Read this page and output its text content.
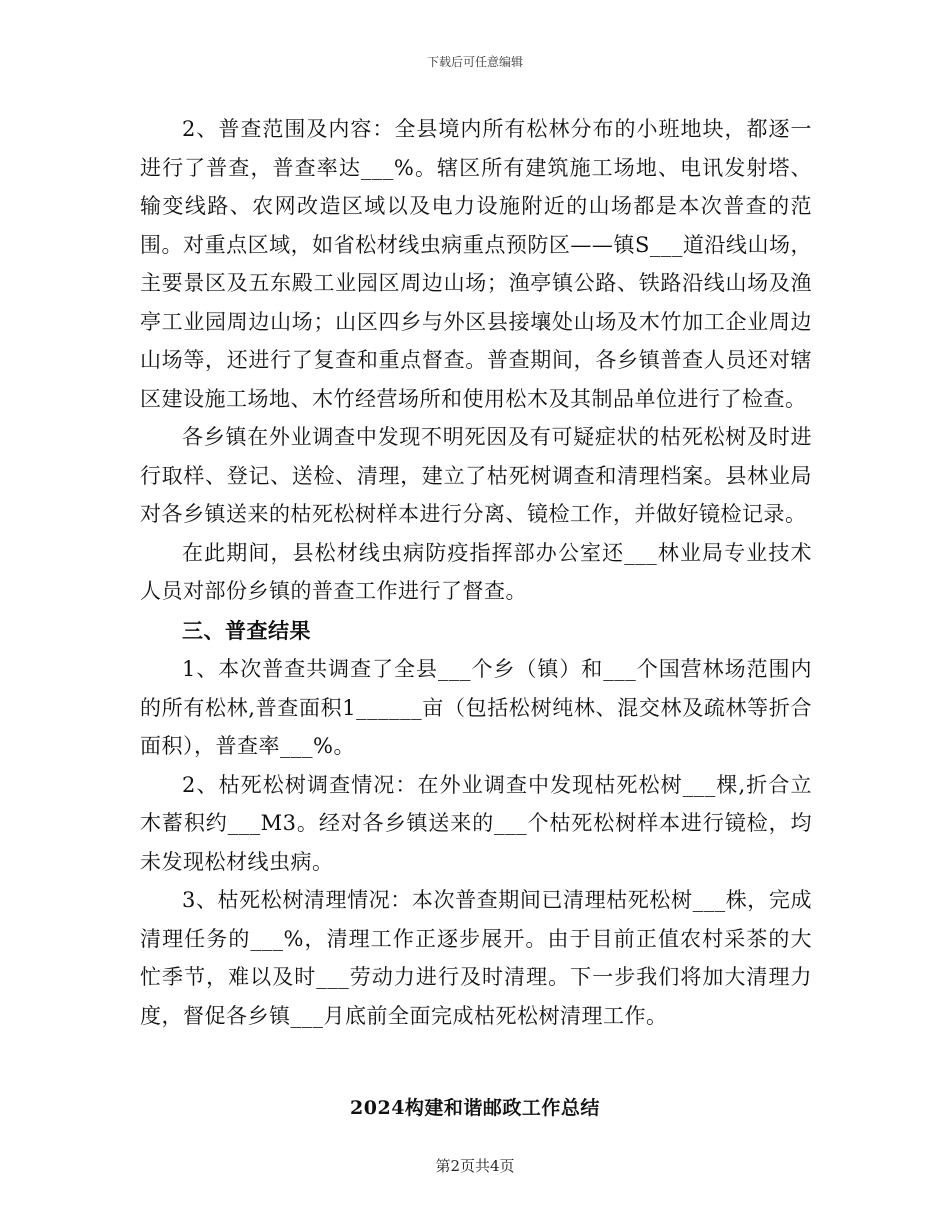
下载后可任意编辑

2、普查范围及内容：全县境内所有松林分布的小班地块，都逐一进行了普查，普查率达___%。辖区所有建筑施工场地、电讯发射塔、输变线路、农网改造区域以及电力设施附近的山场都是本次普查的范围。对重点区域，如省松材线虫病重点预防区——镇S___道沿线山场，主要景区及五东殿工业园区周边山场；渔亭镇公路、铁路沿线山场及渔亭工业园周边山场；山区四乡与外区县接壤处山场及木竹加工企业周边山场等，还进行了复查和重点督查。普查期间，各乡镇普查人员还对辖区建设施工场地、木竹经营场所和使用松木及其制品单位进行了检查。

各乡镇在外业调查中发现不明死因及有可疑症状的枯死松树及时进行取样、登记、送检、清理，建立了枯死树调查和清理档案。县林业局对各乡镇送来的枯死松树样本进行分离、镜检工作，并做好镜检记录。

在此期间，县松材线虫病防疫指挥部办公室还___林业局专业技术人员对部份乡镇的普查工作进行了督查。

三、普查结果

1、本次普查共调查了全县___个乡（镇）和___个国营林场范围内的所有松林,普查面积1______亩（包括松树纯林、混交林及疏林等折合面积），普查率___%。

2、枯死松树调查情况：在外业调查中发现枯死松树___棵,折合立木蓄积约___M3。经对各乡镇送来的___个枯死松树样本进行镜检，均未发现松材线虫病。

3、枯死松树清理情况：本次普查期间已清理枯死松树___株，完成清理任务的___%，清理工作正逐步展开。由于目前正值农村采茶的大忙季节，难以及时___劳动力进行及时清理。下一步我们将加大清理力度，督促各乡镇___月底前全面完成枯死松树清理工作。

2024构建和谐邮政工作总结
第2页共4页
